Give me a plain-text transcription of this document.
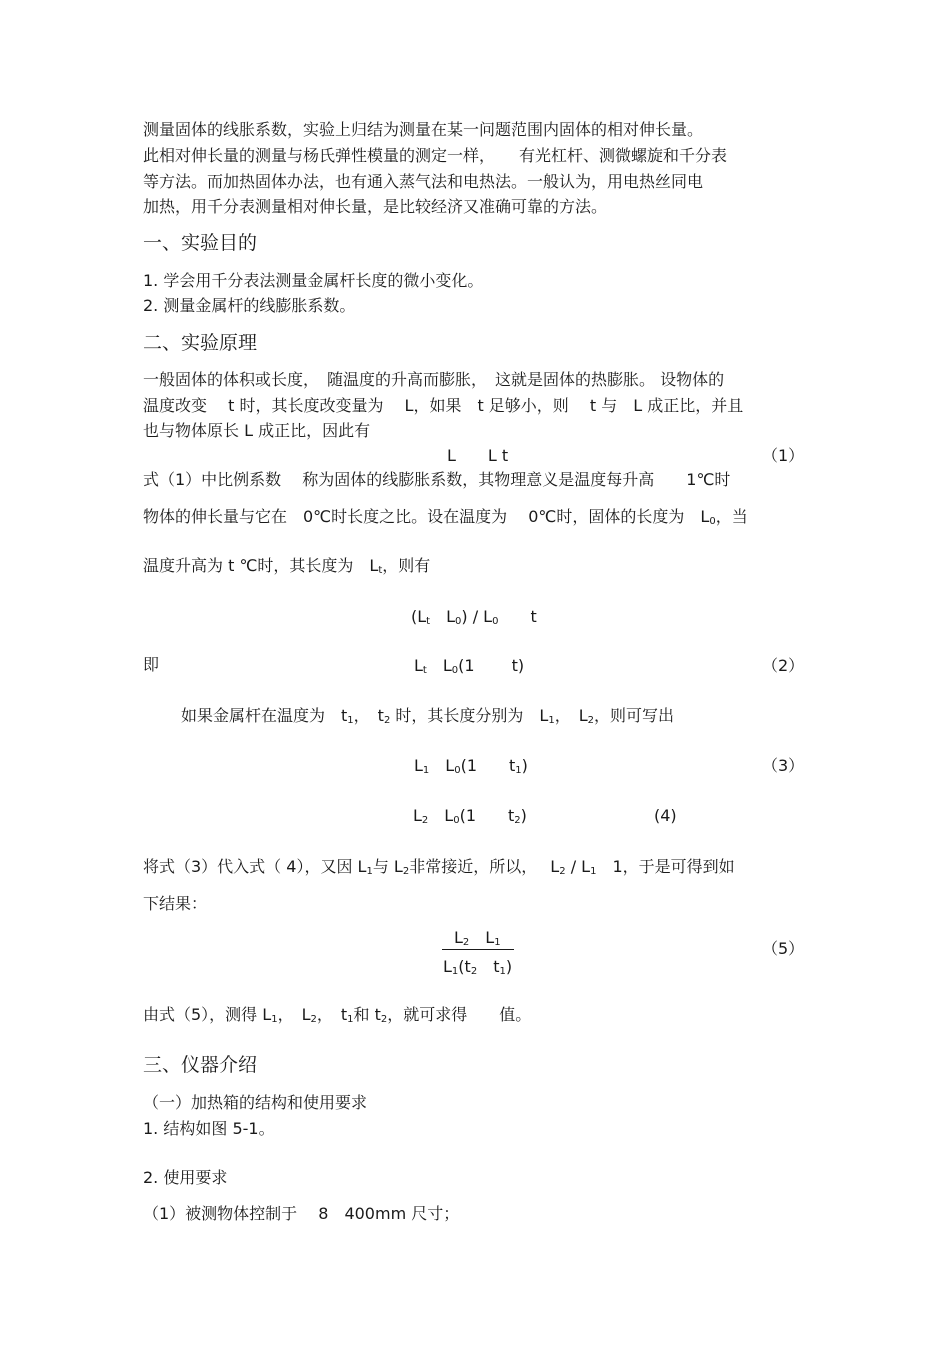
测量固体的线胀系数，实验上归结为测量在某一问题范围内固体的相对伸长量。
此相对伸长量的测量与杨氏弹性模量的测定一样，　　有光杠杆、测微螺旋和千分表
等方法。而加热固体办法，也有通入蒸气法和电热法。一般认为，用电热丝同电
加热，用千分表测量相对伸长量，是比较经济又准确可靠的方法。
一、实验目的
1. 学会用千分表法测量金属杆长度的微小变化。
2. 测量金属杆的线膨胀系数。
二、实验原理
一般固体的体积或长度，　随温度的升高而膨胀，　这就是固体的热膨胀。 设物体的
温度改变　 t 时，其长度改变量为　 L，如果　t 足够小，则　 t 与　L 成正比，并且
也与物体原长 L 成正比，因此有
L　　L t	（1）
式（1）中比例系数　 称为固体的线膨胀系数，其物理意义是温度每升高　　1℃时
物体的伸长量与它在　0℃时长度之比。设在温度为　 0℃时，固体的长度为　$L_0$，当
温度升高为 t ℃时，其长度为　$L_t$，则有
($L_t$　$L_0) / L_0$　　t
即	$L_t$　$L_0(1$　　 t)	（2）
如果金属杆在温度为　$t_1$，　$t_2$ 时，其长度分别为　$L_1$，　$L_2$，则可写出
$L_1$　$L_0(1$　　$t_1$)	（3）
$L_2$　$L_0(1$　　$t_2$)	(4)
将式（3）代入式（ 4），又因 $L_1$与 $L_2$非常接近，所以，　 $L_2 / L_1$　1，于是可得到如
下结果：
$L_2$　$L_1$
$L_1(t_2$　$t_1$)
（5）
由式（5），测得 $L_1$，　$L_2$，　$t_1$和 $t_2$，就可求得　　值。
三、仪器介绍
（一）加热箱的结构和使用要求
1. 结构如图 5-1。
2. 使用要求
（1）被测物体控制于　 8　400mm 尺寸；
